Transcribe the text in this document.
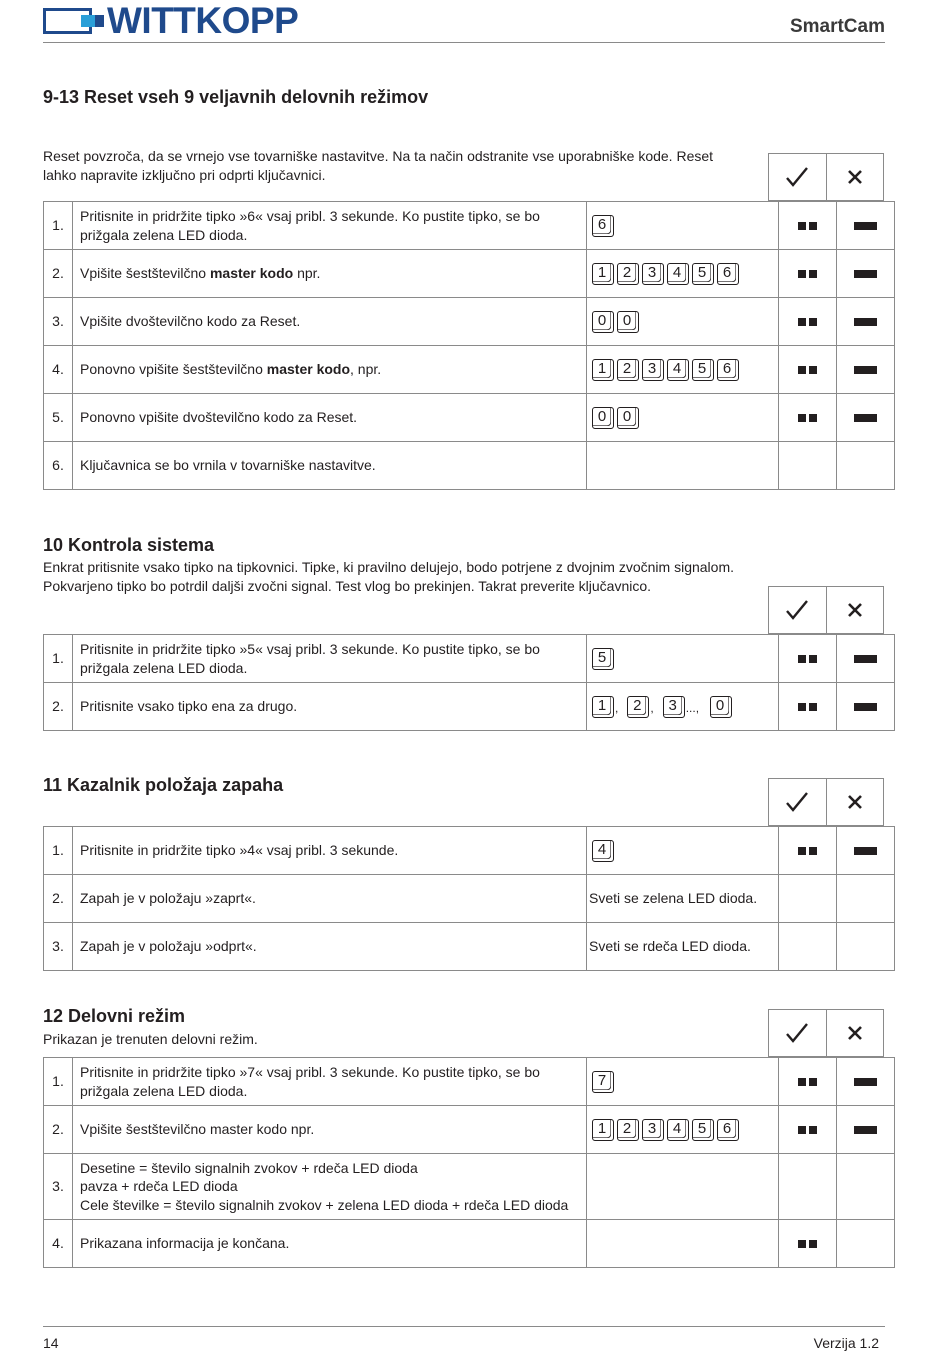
WITTKOPP	SmartCam
9-13 Reset vseh 9 veljavnih delovnih režimov

Reset povzroča, da se vrnejo vse tovarniške nastavitve. Na ta način odstranite vse uporabniške kode. Reset
lahko napravite izključno pri odprti ključavnici.

1.	Pritisnite in pridržite tipko »6« vsaj pribl. 3 sekunde. Ko pustite tipko, se bo
prižgala zelena LED dioda.	6	

2.	Vpišite šestštevilčno master kodo npr.	1 2 3 4 5 6	

3.	Vpišite dvoštevilčno kodo za Reset.	0 0	

4.	Ponovno vpišite šestštevilčno master kodo, npr.	1 2 3 4 5 6	

5.	Ponovno vpišite dvoštevilčno kodo za Reset.	0 0	

6.	Ključavnica se bo vrnila v tovarniške nastavitve.			
10 Kontrola sistema

Enkrat pritisnite vsako tipko na tipkovnici. Tipke, ki pravilno delujejo, bodo potrjene z dvojnim zvočnim signalom.
Pokvarjeno tipko bo potrdil daljši zvočni signal. Test vlog bo prekinjen. Takrat preverite ključavnico.

1.	Pritisnite in pridržite tipko »5« vsaj pribl. 3 sekunde. Ko pustite tipko, se bo
prižgala zelena LED dioda.	5	

2.	Pritisnite vsako tipko ena za drugo.	1 , 2 , 3 ..., 0	

11 Kazalnik položaja zapaha
1.	Pritisnite in pridržite tipko »4« vsaj pribl. 3 sekunde.	4	

2.	Zapah je v položaju »zaprt«.	Sveti se zelena LED dioda.		
3.	Zapah je v položaju »odprt«.	Sveti se rdeča LED dioda.		
12 Delovni režim

Prikazan je trenuten delovni režim.

1.	Pritisnite in pridržite tipko »7« vsaj pribl. 3 sekunde. Ko pustite tipko, se bo
prižgala zelena LED dioda.	7	

2.	Vpišite šestštevilčno master kodo npr.	1 2 3 4 5 6	

3.	Desetine = število signalnih zvokov + rdeča LED dioda
pavza + rdeča LED dioda
Cele številke = število signalnih zvokov + zelena LED dioda + rdeča LED dioda			
4.	Prikazana informacija je končana.		

14	Verzija 1.2
